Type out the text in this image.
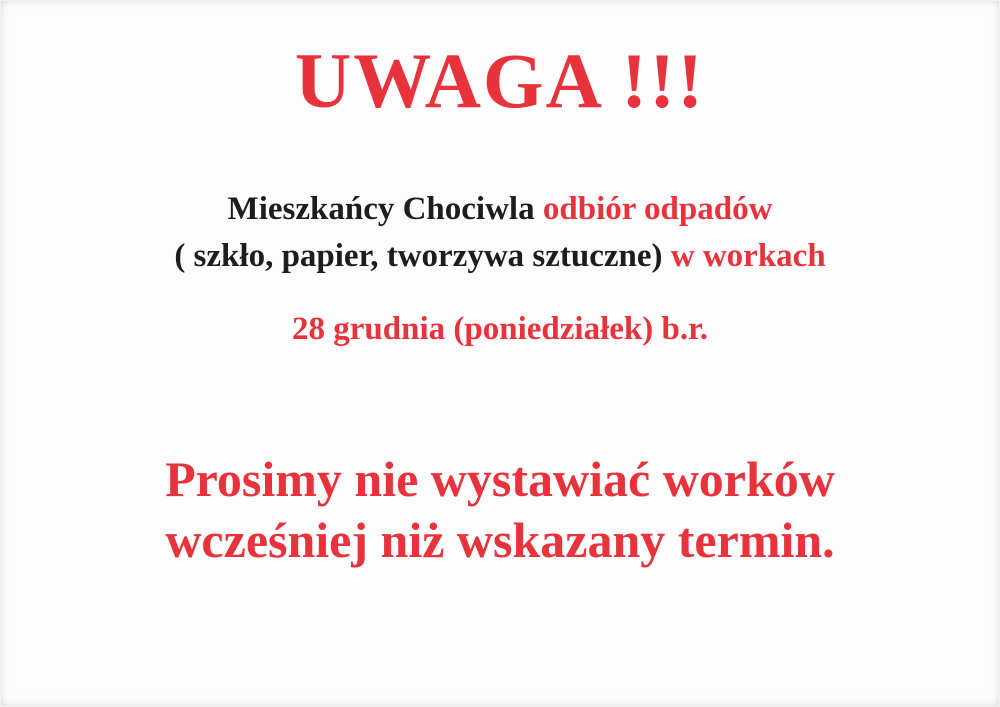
UWAGA !!!
Mieszkańcy Chociwla odbiór odpadów
( szkło, papier, tworzywa sztuczne) w workach
28 grudnia (poniedziałek) b.r.
Prosimy nie wystawiać worków
wcześniej niż wskazany termin.
